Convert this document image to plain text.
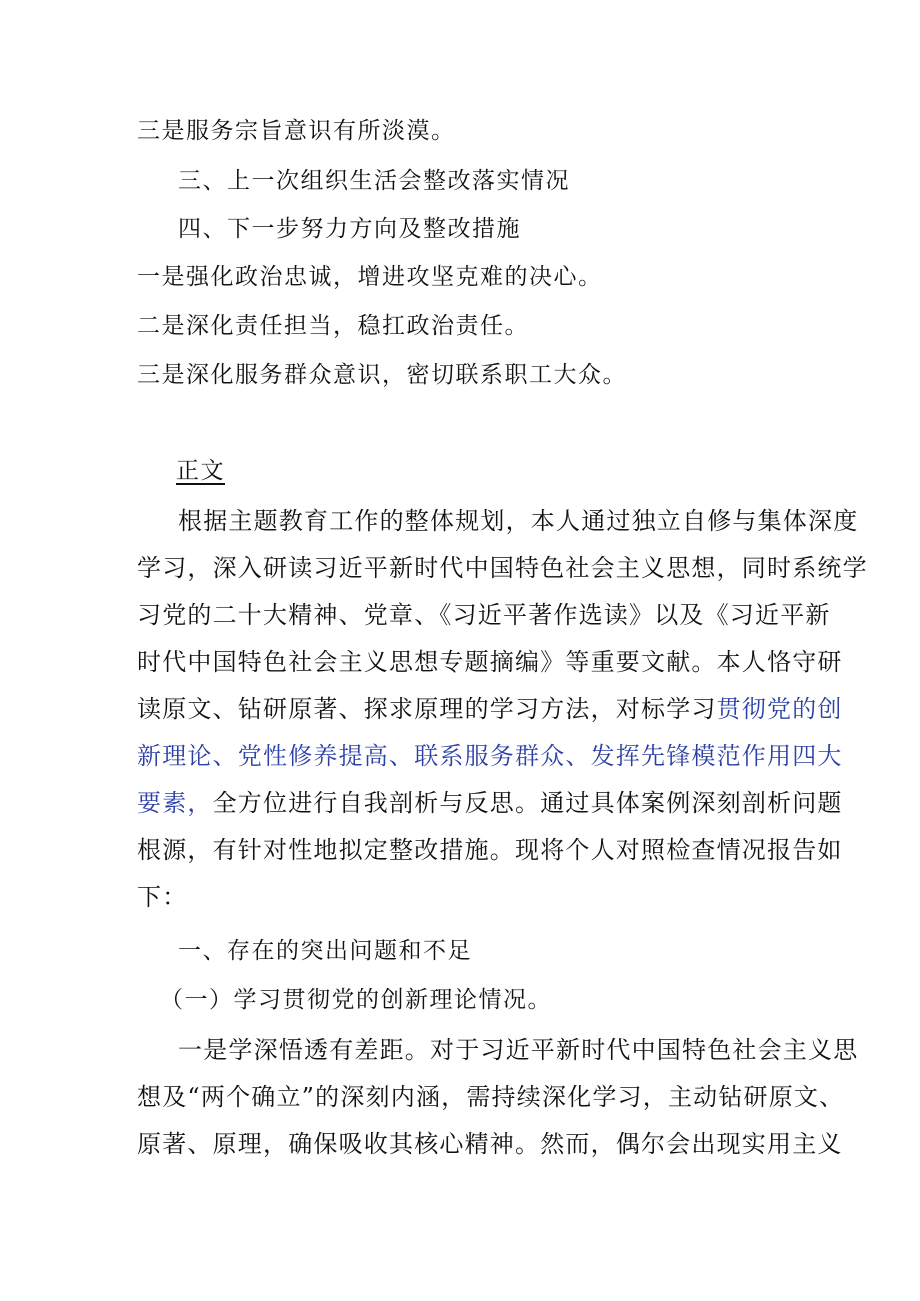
三是服务宗旨意识有所淡漠。
三、上一次组织生活会整改落实情况
四、下一步努力方向及整改措施
一是强化政治忠诚，增进攻坚克难的决心。
二是深化责任担当，稳扛政治责任。
三是深化服务群众意识，密切联系职工大众。
正文
根据主题教育工作的整体规划，本人通过独立自修与集体深度
学习，深入研读习近平新时代中国特色社会主义思想，同时系统学
习党的二十大精神、党章、《习近平著作选读》以及《习近平新
时代中国特色社会主义思想专题摘编》等重要文献。本人恪守研
读原文、钻研原著、探求原理的学习方法，对标学习贯彻党的创
新理论、党性修养提高、联系服务群众、发挥先锋模范作用四大
要素，全方位进行自我剖析与反思。通过具体案例深刻剖析问题
根源，有针对性地拟定整改措施。现将个人对照检查情况报告如
下：
一、存在的突出问题和不足
（一）学习贯彻党的创新理论情况。
一是学深悟透有差距。对于习近平新时代中国特色社会主义思
想及“两个确立”的深刻内涵，需持续深化学习，主动钻研原文、
原著、原理，确保吸收其核心精神。然而，偶尔会出现实用主义
